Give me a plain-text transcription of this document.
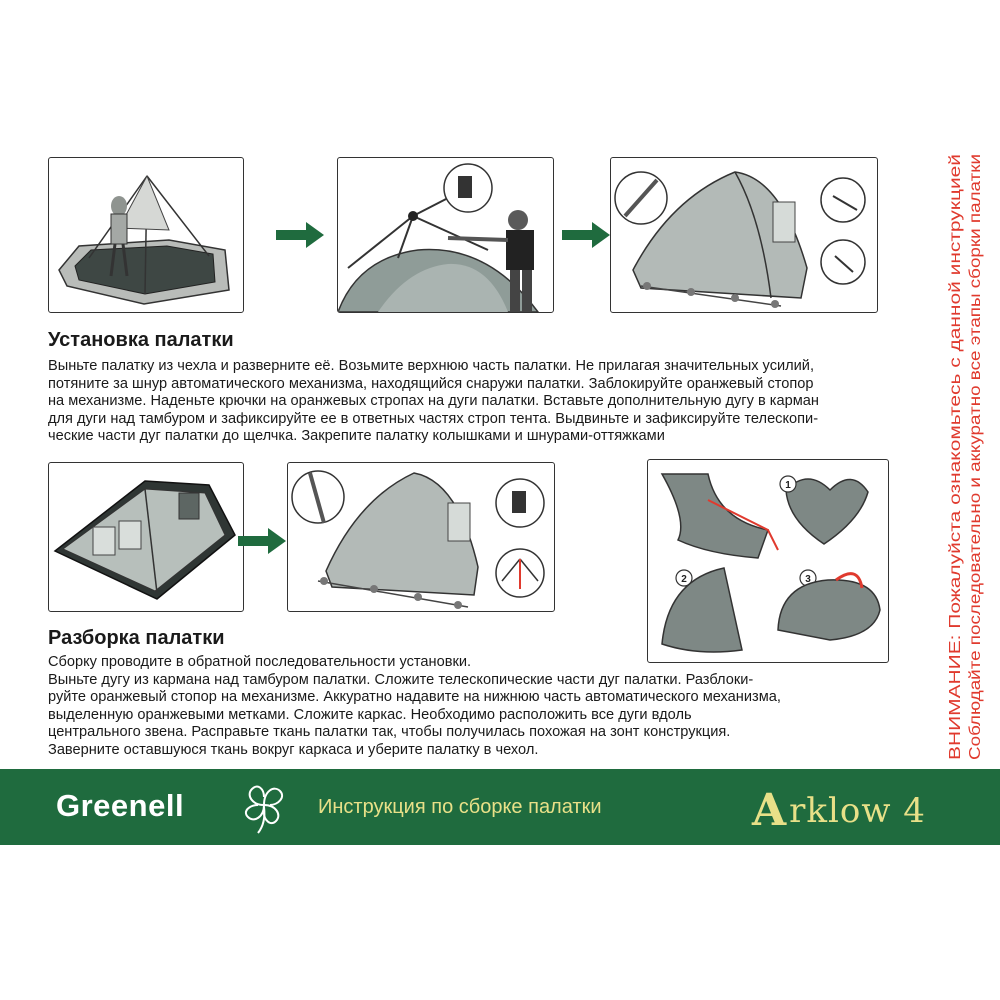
Установка палатки
Выньте палатку из чехла и разверните её. Возьмите верхнюю часть палатки. Не прилагая значительных усилий,
потяните за шнур автоматического механизма, находящийся снаружи палатки. Заблокируйте оранжевый стопор
на механизме. Наденьте крючки на оранжевых стропах на дуги палатки. Вставьте дополнительную дугу в карман
для дуги над тамбуром и зафиксируйте ее в ответных частях строп тента. Выдвиньте и зафиксируйте телескопи-
ческие части дуг палатки до щелчка. Закрепите палатку колышками и шнурами-оттяжками
1
2	3
Разборка палатки
Сборку проводите в обратной последовательности установки.
Выньте дугу из кармана над тамбуром палатки. Сложите телескопические части дуг палатки. Разблоки-
руйте оранжевый стопор на механизме. Аккуратно надавите на нижнюю часть автоматического механизма,
выделенную оранжевыми метками. Сложите каркас. Необходимо расположить все дуги вдоль
центрального звена. Расправьте ткань палатки так, чтобы получилась похожая на зонт конструкция.
Заверните оставшуюся ткань вокруг каркаса и уберите палатку в чехол.	ВНИМАНИЕ: Пожалуйста ознакомьтесь с данной инструкцией Соблюдайте последовательно и аккуратно все этапы сборки палатки
Greenell	Инструкция по сборке палатки	Arklow 4
